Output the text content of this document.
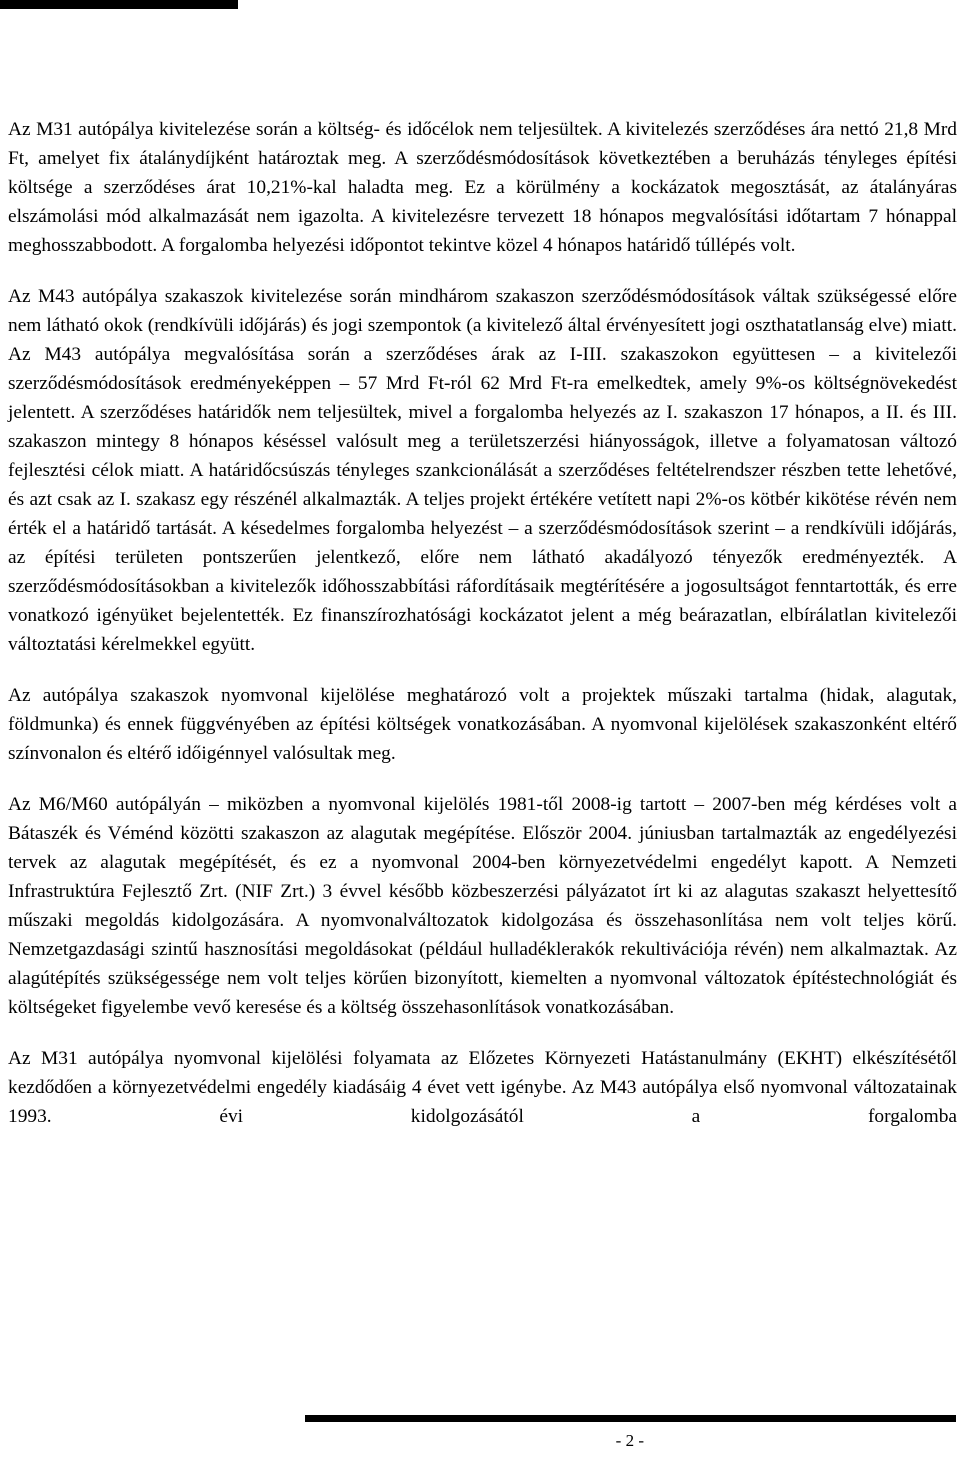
Az M31 autópálya kivitelezése során a költség- és időcélok nem teljesültek. A kivitelezés szerződéses ára nettó 21,8 Mrd Ft, amelyet fix átalánydíjként határoztak meg. A szerződésmódosítások következtében a beruházás tényleges építési költsége a szerződéses árat 10,21%-kal haladta meg. Ez a körülmény a kockázatok megosztását, az átalányáras elszámolási mód alkalmazását nem igazolta. A kivitelezésre tervezett 18 hónapos megvalósítási időtartam 7 hónappal meghosszabbodott. A forgalomba helyezési időpontot tekintve közel 4 hónapos határidő túllépés volt.

Az M43 autópálya szakaszok kivitelezése során mindhárom szakaszon szerződésmódosítások váltak szükségessé előre nem látható okok (rendkívüli időjárás) és jogi szempontok (a kivitelező által érvényesített jogi oszthatatlanság elve) miatt. Az M43 autópálya megvalósítása során a szerződéses árak az I-III. szakaszokon együttesen – a kivitelezői szerződésmódosítások eredményeképpen – 57 Mrd Ft-ról 62 Mrd Ft-ra emelkedtek, amely 9%-os költségnövekedést jelentett. A szerződéses határidők nem teljesültek, mivel a forgalomba helyezés az I. szakaszon 17 hónapos, a II. és III. szakaszon mintegy 8 hónapos késéssel valósult meg a területszerzési hiányosságok, illetve a folyamatosan változó fejlesztési célok miatt. A határidőcsúszás tényleges szankcionálását a szerződéses feltételrendszer részben tette lehetővé, és azt csak az I. szakasz egy részénél alkalmazták. A teljes projekt értékére vetített napi 2%-os kötbér kikötése révén nem érték el a határidő tartását. A késedelmes forgalomba helyezést – a szerződésmódosítások szerint – a rendkívüli időjárás, az építési területen pontszerűen jelentkező, előre nem látható akadályozó tényezők eredményezték. A szerződésmódosításokban a kivitelezők időhosszabbítási ráfordításaik megtérítésére a jogosultságot fenntartották, és erre vonatkozó igényüket bejelentették. Ez finanszírozhatósági kockázatot jelent a még beárazatlan, elbírálatlan kivitelezői változtatási kérelmekkel együtt.

Az autópálya szakaszok nyomvonal kijelölése meghatározó volt a projektek műszaki tartalma (hidak, alagutak, földmunka) és ennek függvényében az építési költségek vonatkozásában. A nyomvonal kijelölések szakaszonként eltérő színvonalon és eltérő időigénnyel valósultak meg.

Az M6/M60 autópályán – miközben a nyomvonal kijelölés 1981-től 2008-ig tartott – 2007-ben még kérdéses volt a Bátaszék és Véménd közötti szakaszon az alagutak megépítése. Először 2004. júniusban tartalmazták az engedélyezési tervek az alagutak megépítését, és ez a nyomvonal 2004-ben környezetvédelmi engedélyt kapott. A Nemzeti Infrastruktúra Fejlesztő Zrt. (NIF Zrt.) 3 évvel később közbeszerzési pályázatot írt ki az alagutas szakaszt helyettesítő műszaki megoldás kidolgozására. A nyomvonalváltozatok kidolgozása és összehasonlítása nem volt teljes körű. Nemzetgazdasági szintű hasznosítási megoldásokat (például hulladéklerakók rekultivációja révén) nem alkalmaztak. Az alagútépítés szükségessége nem volt teljes körűen bizonyított, kiemelten a nyomvonal változatok építéstechnológiát és költségeket figyelembe vevő keresése és a költség összehasonlítások vonatkozásában.

Az M31 autópálya nyomvonal kijelölési folyamata az Előzetes Környezeti Hatástanulmány (EKHT) elkészítésétől kezdődően a környezetvédelmi engedély kiadásáig 4 évet vett igénybe. Az M43 autópálya első nyomvonal változatainak 1993. évi kidolgozásától a forgalomba

- 2 -
